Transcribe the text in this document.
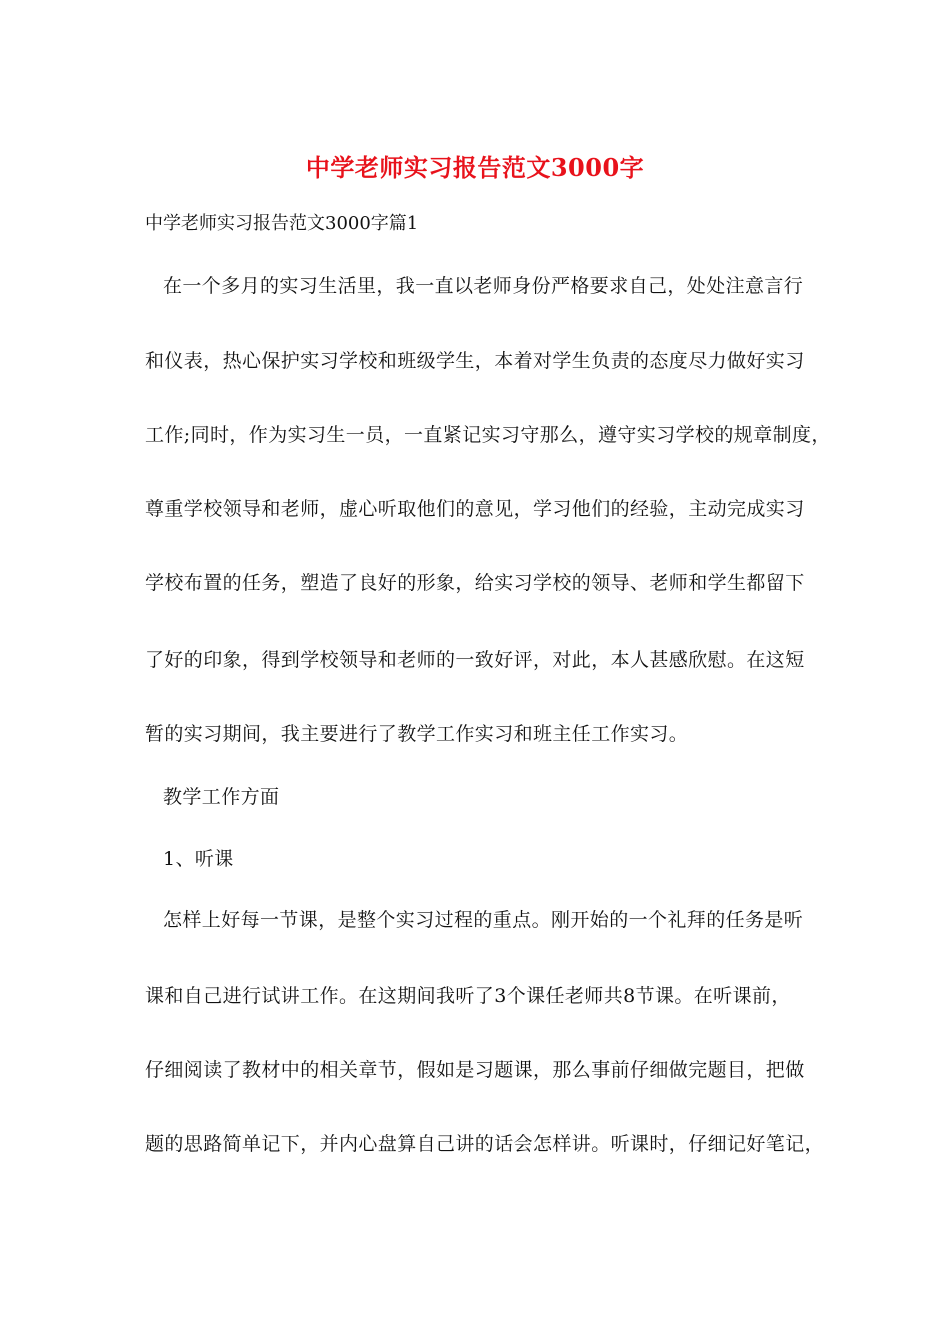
中学老师实习报告范文3000字
中学老师实习报告范文3000字篇1
在一个多月的实习生活里，我一直以老师身份严格要求自己，处处注意言行
和仪表，热心保护实习学校和班级学生，本着对学生负责的态度尽力做好实习
工作;同时，作为实习生一员，一直紧记实习守那么，遵守实习学校的规章制度，
尊重学校领导和老师，虚心听取他们的意见，学习他们的经验，主动完成实习
学校布置的任务，塑造了良好的形象，给实习学校的领导、老师和学生都留下
了好的印象，得到学校领导和老师的一致好评，对此，本人甚感欣慰。在这短
暂的实习期间，我主要进行了教学工作实习和班主任工作实习。
教学工作方面
1、听课
怎样上好每一节课，是整个实习过程的重点。刚开始的一个礼拜的任务是听
课和自己进行试讲工作。在这期间我听了3个课任老师共8节课。在听课前，
仔细阅读了教材中的相关章节，假如是习题课，那么事前仔细做完题目，把做
题的思路简单记下，并内心盘算自己讲的话会怎样讲。听课时，仔细记好笔记，
